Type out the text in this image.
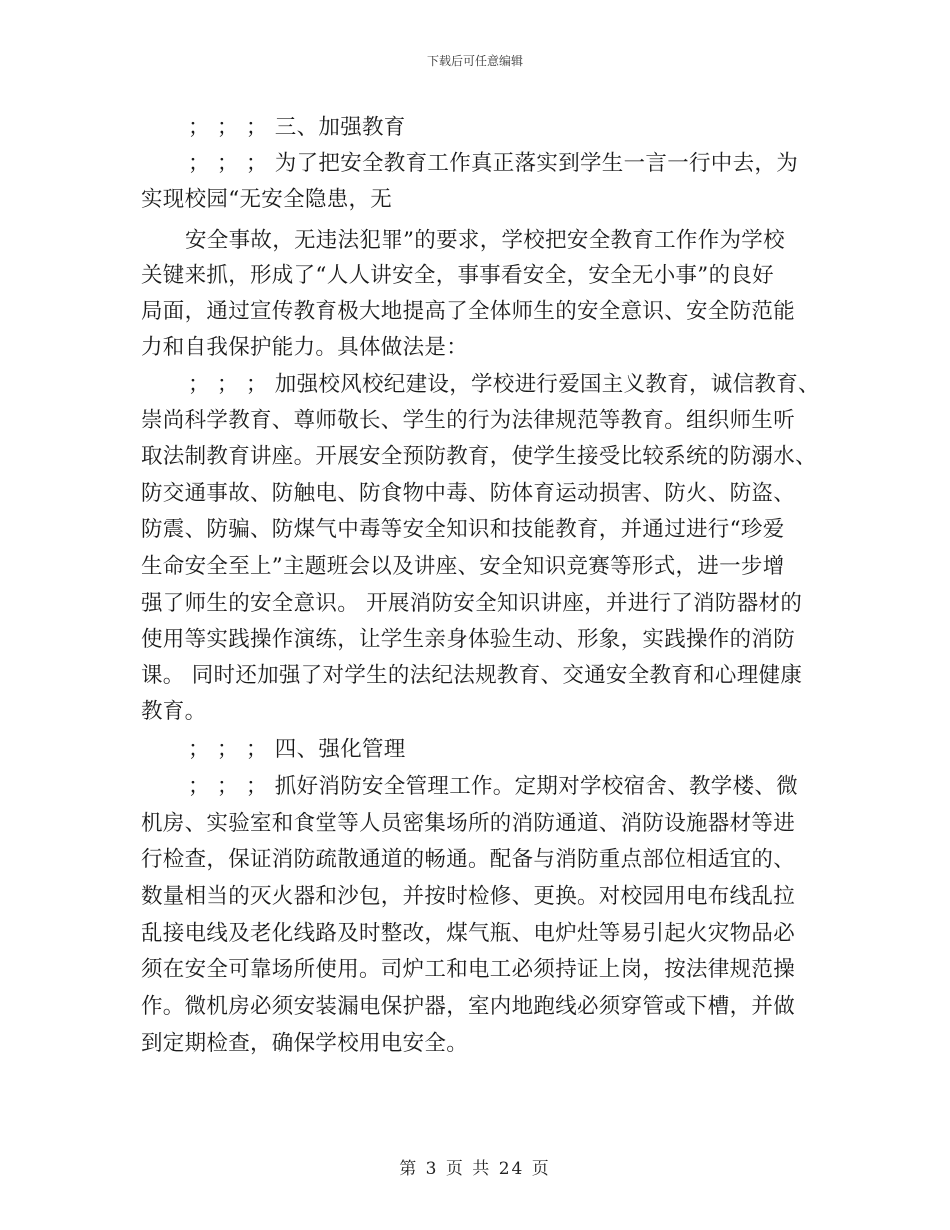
下载后可任意编辑
； ； ； 三、加强教育
； ； ； 为了把安全教育工作真正落实到学生一言一行中去，为
实现校园“无安全隐患，无
安全事故，无违法犯罪”的要求，学校把安全教育工作作为学校
关键来抓，形成了“人人讲安全，事事看安全，安全无小事”的良好
局面，通过宣传教育极大地提高了全体师生的安全意识、安全防范能
力和自我保护能力。具体做法是：
； ； ； 加强校风校纪建设，学校进行爱国主义教育，诚信教育、
崇尚科学教育、尊师敬长、学生的行为法律规范等教育。组织师生听
取法制教育讲座。开展安全预防教育，使学生接受比较系统的防溺水、
防交通事故、防触电、防食物中毒、防体育运动损害、防火、防盗、
防震、防骗、防煤气中毒等安全知识和技能教育，并通过进行“珍爱
生命安全至上”主题班会以及讲座、安全知识竞赛等形式，进一步增
强了师生的安全意识。 开展消防安全知识讲座，并进行了消防器材的
使用等实践操作演练，让学生亲身体验生动、形象，实践操作的消防
课。 同时还加强了对学生的法纪法规教育、交通安全教育和心理健康
教育。
； ； ； 四、强化管理
； ； ； 抓好消防安全管理工作。定期对学校宿舍、教学楼、微
机房、实验室和食堂等人员密集场所的消防通道、消防设施器材等进
行检查，保证消防疏散通道的畅通。配备与消防重点部位相适宜的、
数量相当的灭火器和沙包，并按时检修、更换。对校园用电布线乱拉
乱接电线及老化线路及时整改，煤气瓶、电炉灶等易引起火灾物品必
须在安全可靠场所使用。司炉工和电工必须持证上岗，按法律规范操
作。微机房必须安装漏电保护器，室内地跑线必须穿管或下槽，并做
到定期检查，确保学校用电安全。
第 3 页 共 24 页
